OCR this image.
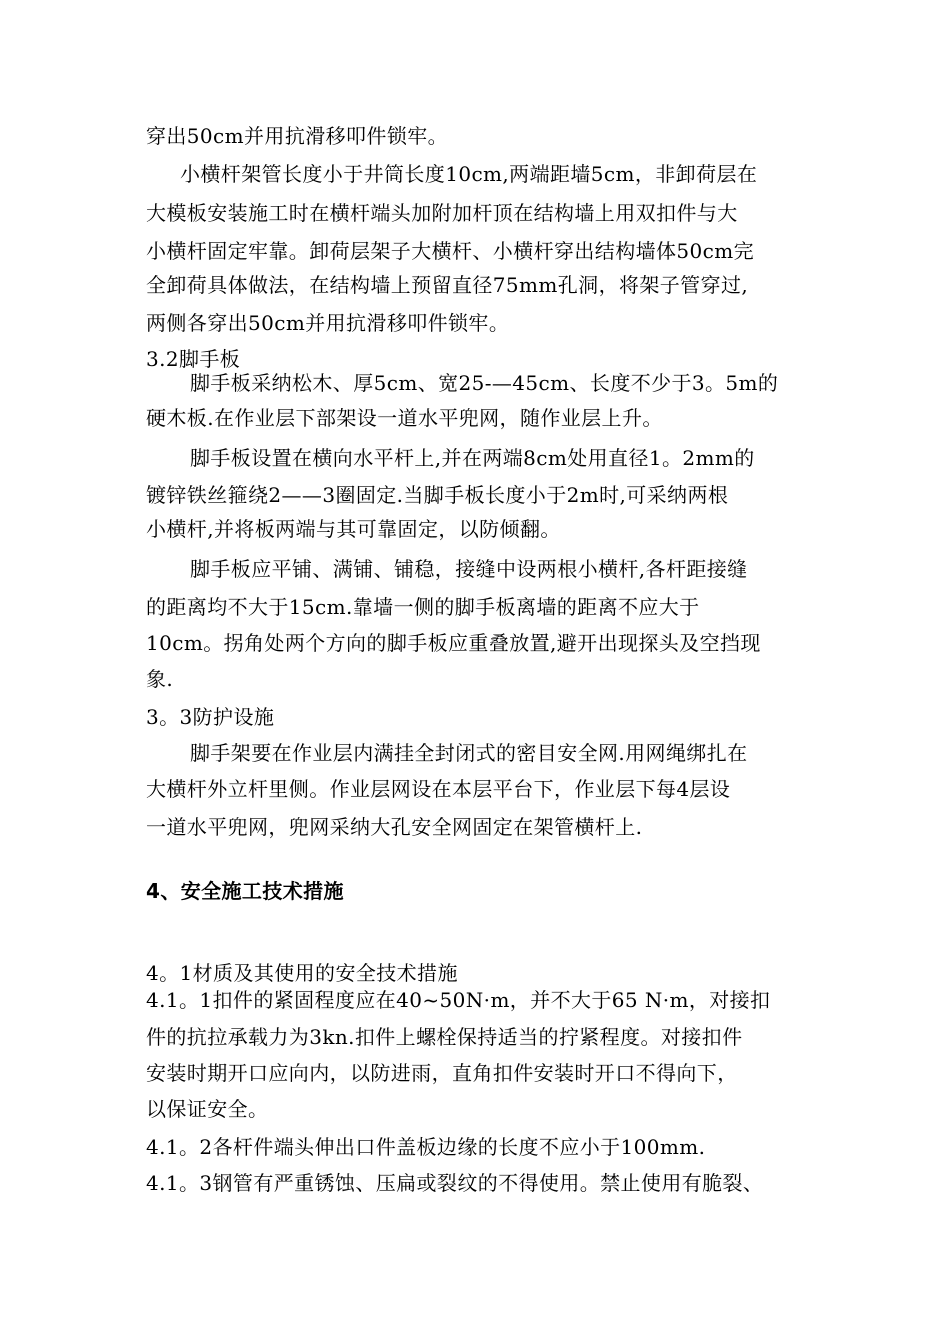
穿出50cm并用抗滑移叩件锁牢。
小横杆架管长度小于井筒长度10cm,两端距墙5cm，非卸荷层在
大模板安装施工时在横杆端头加附加杆顶在结构墙上用双扣件与大
小横杆固定牢靠。卸荷层架子大横杆、小横杆穿出结构墙体50cm完
全卸荷具体做法，在结构墙上预留直径75mm孔洞，将架子管穿过,
两侧各穿出50cm并用抗滑移叩件锁牢。
3.2脚手板
脚手板采纳松木、厚5cm、宽25-—45cm、长度不少于3。5m的
硬木板.在作业层下部架设一道水平兜网，随作业层上升。
脚手板设置在横向水平杆上,并在两端8cm处用直径1。2mm的
镀锌铁丝箍绕2——3圈固定.当脚手板长度小于2m时,可采纳两根
小横杆,并将板两端与其可靠固定，以防倾翻。
脚手板应平铺、满铺、铺稳，接缝中设两根小横杆,各杆距接缝
的距离均不大于15cm.靠墙一侧的脚手板离墙的距离不应大于
10cm。拐角处两个方向的脚手板应重叠放置,避开出现探头及空挡现
象.
3。3防护设施
脚手架要在作业层内满挂全封闭式的密目安全网.用网绳绑扎在
大横杆外立杆里侧。作业层网设在本层平台下，作业层下每4层设
一道水平兜网，兜网采纳大孔安全网固定在架管横杆上.
4、安全施工技术措施
4。1材质及其使用的安全技术措施
4.1。1扣件的紧固程度应在40~50N·m，并不大于65 N·m，对接扣
件的抗拉承载力为3kn.扣件上螺栓保持适当的拧紧程度。对接扣件
安装时期开口应向内，以防进雨，直角扣件安装时开口不得向下，
以保证安全。
4.1。2各杆件端头伸出口件盖板边缘的长度不应小于100mm.
4.1。3钢管有严重锈蚀、压扁或裂纹的不得使用。禁止使用有脆裂、
